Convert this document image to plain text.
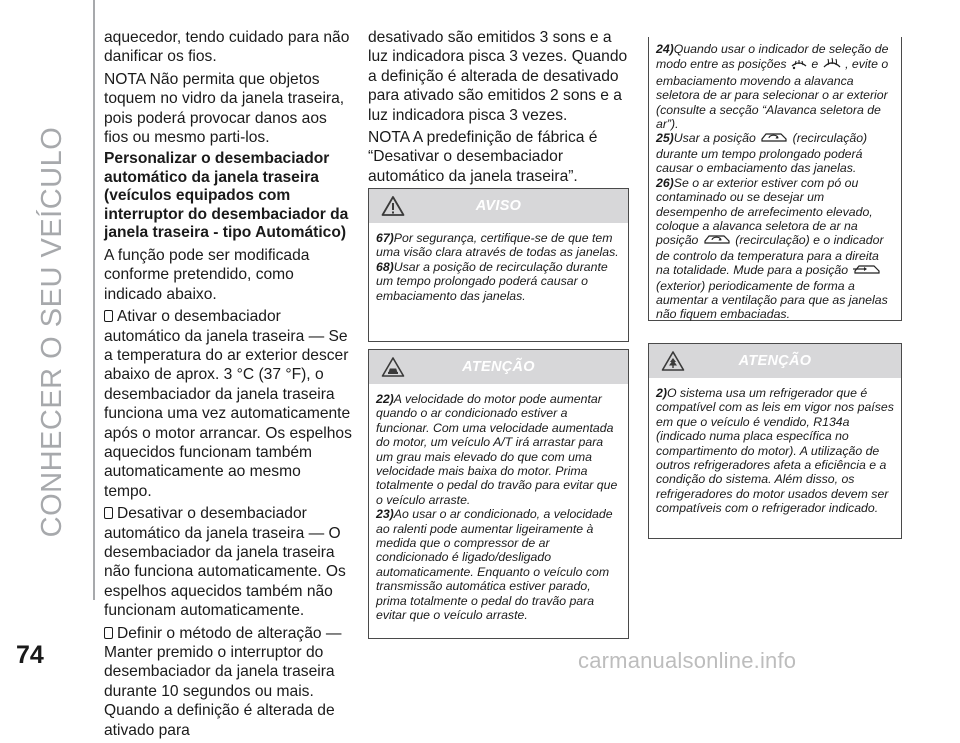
CONHECER O SEU VEÍCULO
74	carmanualsonline.info

aquecedor, tendo cuidado para não danificar os fios.

NOTA Não permita que objetos toquem no vidro da janela traseira, pois poderá provocar danos aos fios ou mesmo parti-los.

Personalizar o desembaciador automático da janela traseira (veículos equipados com interruptor do desembaciador da janela traseira - tipo Automático)

A função pode ser modificada conforme pretendido, como indicado abaixo.

Ativar o desembaciador automático da janela traseira — Se a temperatura do ar exterior descer abaixo de aprox. 3 °C (37 °F), o desembaciador da janela traseira funciona uma vez automaticamente após o motor arrancar. Os espelhos aquecidos funcionam também automaticamente ao mesmo tempo.

Desativar o desembaciador automático da janela traseira — O desembaciador da janela traseira não funciona automaticamente. Os espelhos aquecidos também não funcionam automaticamente.

Definir o método de alteração — Manter premido o interruptor do desembaciador da janela traseira durante 10 segundos ou mais. Quando a definição é alterada de ativado para

desativado são emitidos 3 sons e a luz indicadora pisca 3 vezes. Quando a definição é alterada de desativado para ativado são emitidos 2 sons e a luz indicadora pisca 3 vezes.

NOTA A predefinição de fábrica é “Desativar o desembaciador automático da janela traseira”.

AVISO

67)Por segurança, certifique-se de que tem uma visão clara através de todas as janelas.

68)Usar a posição de recirculação durante um tempo prolongado poderá causar o embaciamento das janelas.

ATENÇÃO

22)A velocidade do motor pode aumentar quando o ar condicionado estiver a funcionar. Com uma velocidade aumentada do motor, um veículo A/T irá arrastar para um grau mais elevado do que com uma velocidade mais baixa do motor. Prima totalmente o pedal do travão para evitar que o veículo arraste.

23)Ao usar o ar condicionado, a velocidade ao ralenti pode aumentar ligeiramente à medida que o compressor de ar condicionado é ligado/desligado automaticamente. Enquanto o veículo com transmissão automática estiver parado, prima totalmente o pedal do travão para evitar que o veículo arraste.

24)Quando usar o indicador de seleção de modo entre as posições e , evite o embaciamento movendo a alavanca seletora de ar para selecionar o ar exterior (consulte a secção “Alavanca seletora de ar”).

25)Usar a posição	(recirculação) durante um tempo prolongado poderá causar o embaciamento das janelas.

26)Se o ar exterior estiver com pó ou contaminado ou se desejar um desempenho de arrefecimento elevado, coloque a alavanca seletora de ar na posição	(recirculação) e o indicador de controlo da temperatura para a direita na totalidade. Mude para a posição  (exterior) periodicamente de forma a aumentar a ventilação para que as janelas não fiquem embaciadas.

ATENÇÃO

2)O sistema usa um refrigerador que é compatível com as leis em vigor nos países em que o veículo é vendido, R134a (indicado numa placa específica no compartimento do motor). A utilização de outros refrigeradores afeta a eficiência e a condição do sistema. Além disso, os refrigeradores do motor usados devem ser compatíveis com o refrigerador indicado.
